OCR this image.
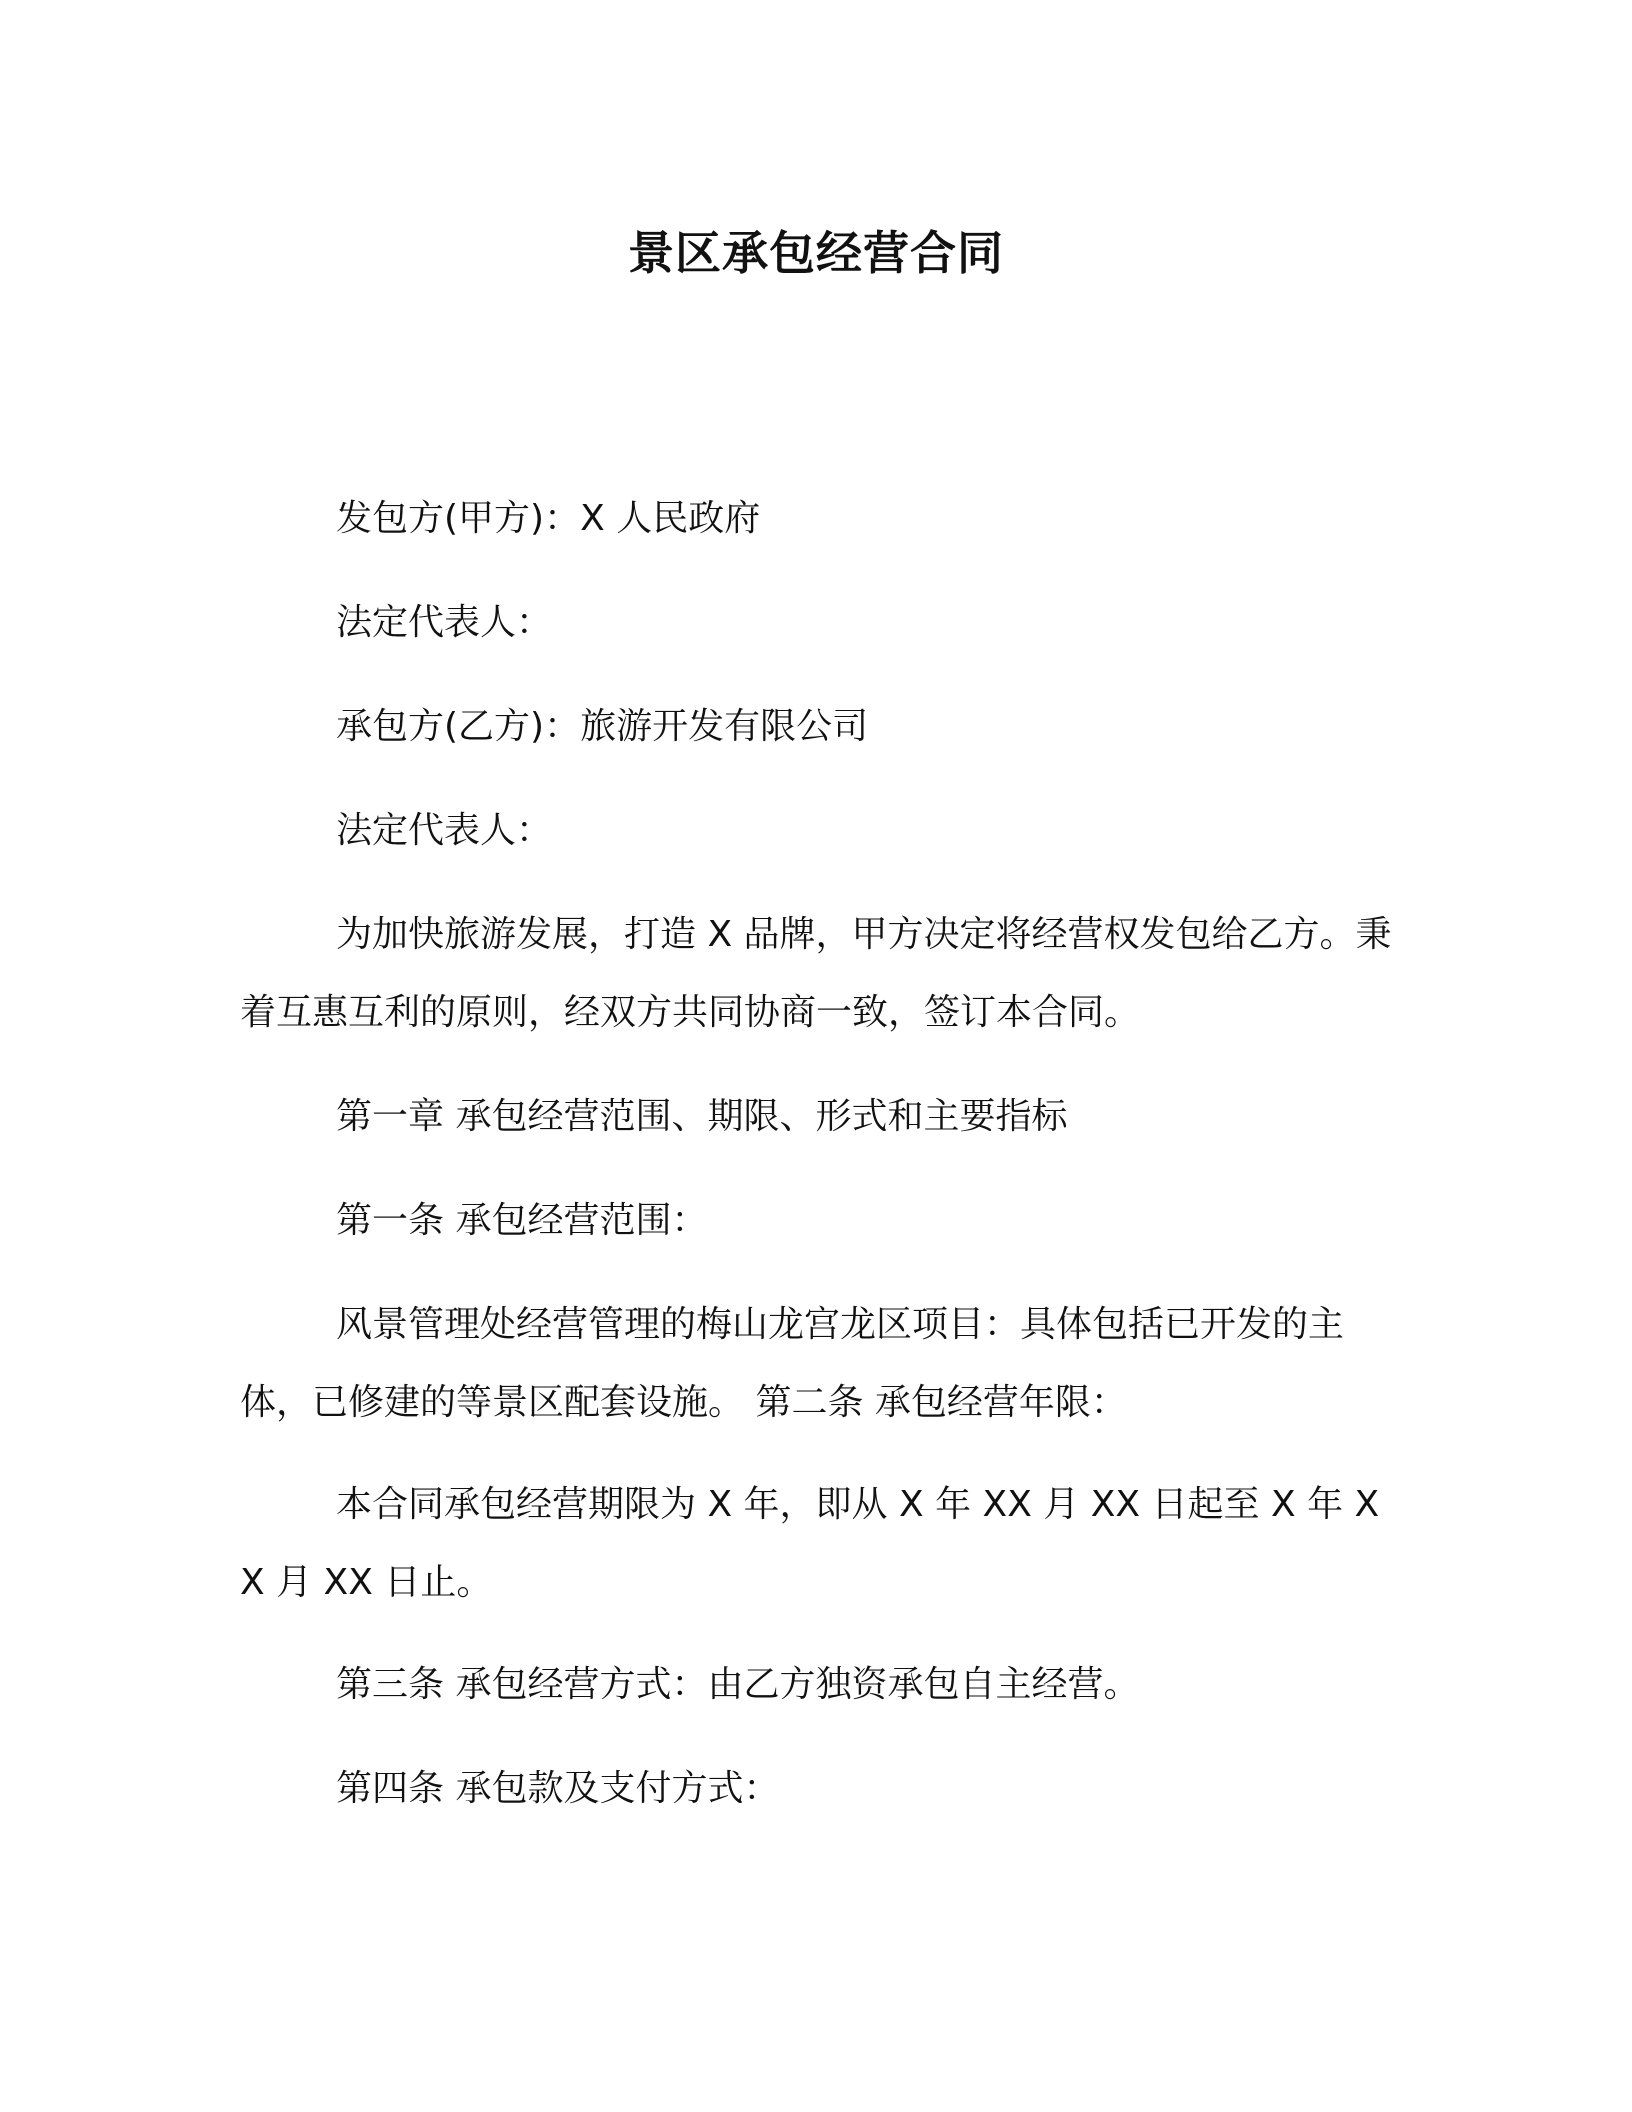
景区承包经营合同

发包方(甲方)：X 人民政府

法定代表人：

承包方(乙方)：旅游开发有限公司

法定代表人：

为加快旅游发展，打造 X 品牌，甲方决定将经营权发包给乙方。秉着互惠互利的原则，经双方共同协商一致，签订本合同。

第一章 承包经营范围、期限、形式和主要指标

第一条 承包经营范围：

风景管理处经营管理的梅山龙宫龙区项目：具体包括已开发的主体，已修建的等景区配套设施。 第二条 承包经营年限：

本合同承包经营期限为 X 年，即从 X 年 XX 月 XX 日起至 X 年 XX 月 XX 日止。

第三条 承包经营方式：由乙方独资承包自主经营。

第四条 承包款及支付方式：
